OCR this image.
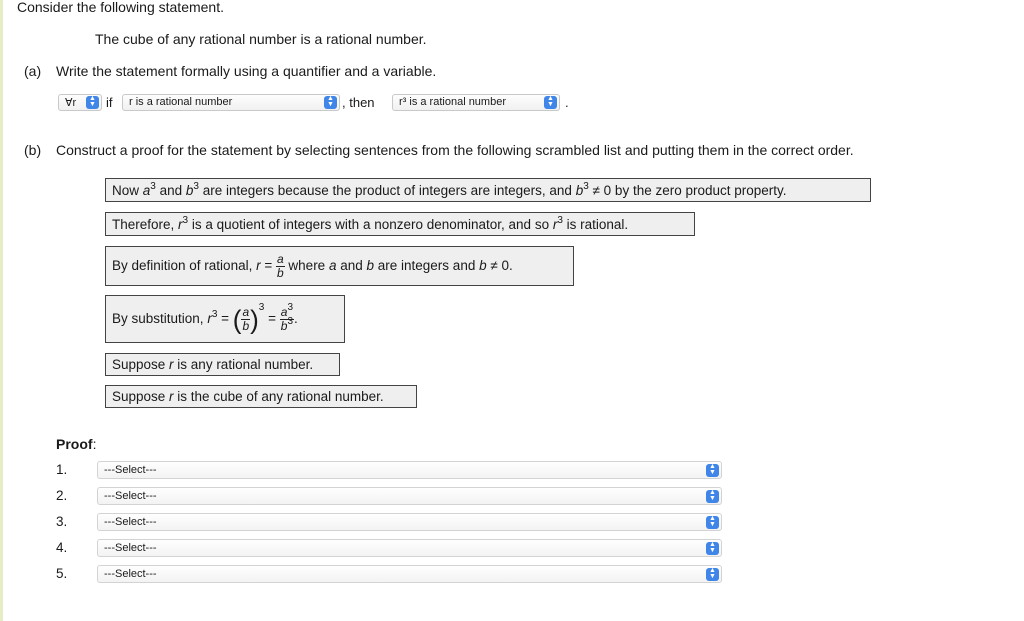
Consider the following statement.
The cube of any rational number is a rational number.
(a) Write the statement formally using a quantifier and a variable.
∀r	▲
▼ if r is a rational number	▲
▼ , then r³ is a rational number	▲
▼ .
(b) Construct a proof for the statement by selecting sentences from the following scrambled list and putting them in the correct order.
Now $a^3$ and $b^3$ are integers because the product of integers are integers, and $b^3 \ne 0$ by the zero product property.
Therefore, $r^3$ is a quotient of integers with a nonzero denominator, and so $r^3$ is rational.
By definition of rational, $r = \frac{a}{b}$ where a and b are integers and b ≠ 0.
By substitution, $r^3$ = ( $\frac{a}{b} )^3 = \frac{a^3}{b^3}$ .
Suppose r is any rational number.
Suppose r is the cube of any rational number.
Proof:
1.	---Select---	▲
▼
2.	---Select---	▲
▼
3.	---Select---	▲
▼
4.	---Select---	▲
▼
5.	---Select---	▲
▼
